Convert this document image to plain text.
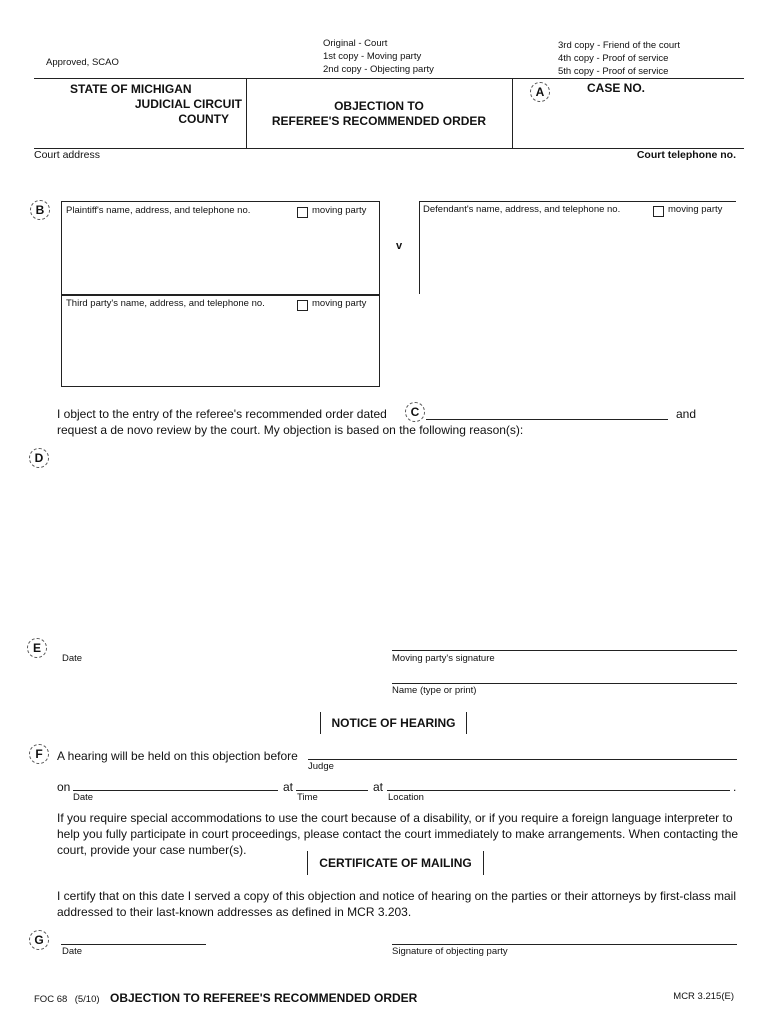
Approved, SCAO
Original - Court
1st copy - Moving party
2nd copy - Objecting party
3rd copy - Friend of the court
4th copy - Proof of service
5th copy - Proof of service
STATE OF MICHIGAN
JUDICIAL CIRCUIT
COUNTY
OBJECTION TO
REFEREE'S RECOMMENDED ORDER
A	CASE NO.
Court address	Court telephone no.
B	Plaintiff's name, address, and telephone no.	moving party
Third party's name, address, and telephone no.	moving party
v
Defendant's name, address, and telephone no.	moving party
I object to the entry of the referee's recommended order dated	C	and
request a de novo review by the court. My objection is based on the following reason(s):
D
E
Date	Moving party's signature
Name (type or print)
NOTICE OF HEARING
F	A hearing will be held on this objection before
Judge
on
Date
at
Time
at
Location
.
If you require special accommodations to use the court because of a disability, or if you require a foreign language interpreter to help you fully participate in court proceedings, please contact the court immediately to make arrangements. When contacting the court, provide your case number(s).
CERTIFICATE OF MAILING
I certify that on this date I served a copy of this objection and notice of hearing on the parties or their attorneys by first-class mail addressed to their last-known addresses as defined in MCR 3.203.
G
Date	Signature of objecting party
FOC 68 (5/10) OBJECTION TO REFEREE'S RECOMMENDED ORDER	MCR 3.215(E)
